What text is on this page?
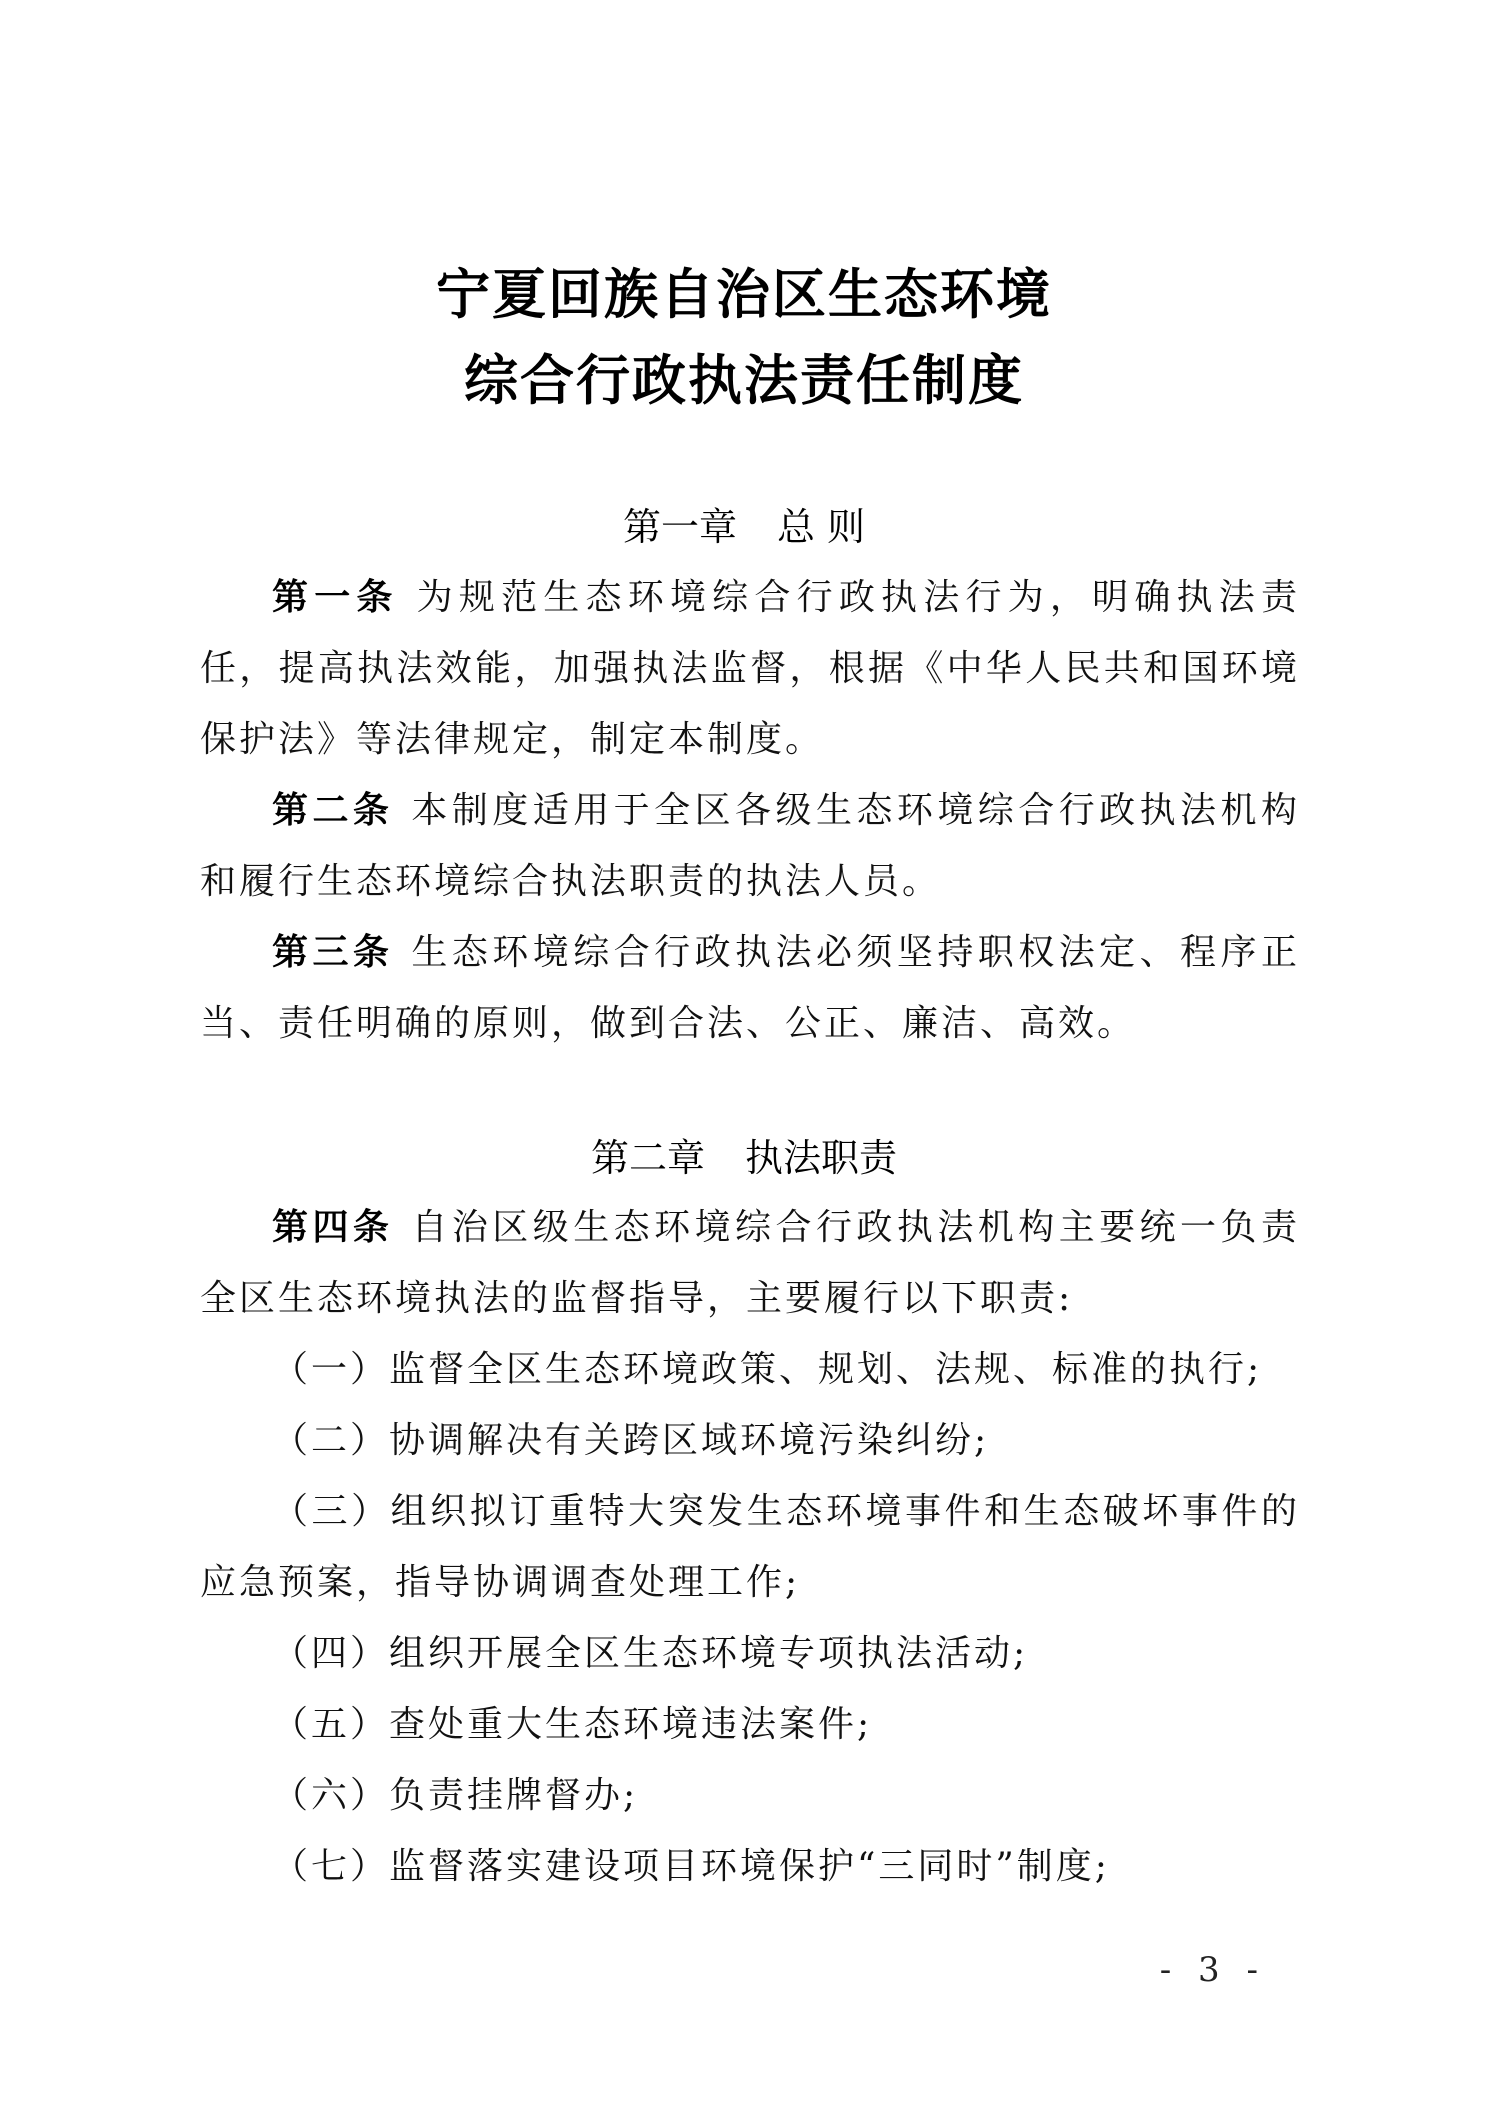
宁夏回族自治区生态环境
综合行政执法责任制度
第一章 总 则

第一条 为规范生态环境综合行政执法行为，明确执法责任，提高执法效能，加强执法监督，根据《中华人民共和国环境保护法》等法律规定，制定本制度。

第二条 本制度适用于全区各级生态环境综合行政执法机构和履行生态环境综合执法职责的执法人员。

第三条 生态环境综合行政执法必须坚持职权法定、程序正当、责任明确的原则，做到合法、公正、廉洁、高效。

第二章 执法职责

第四条 自治区级生态环境综合行政执法机构主要统一负责全区生态环境执法的监督指导，主要履行以下职责:

（一）监督全区生态环境政策、规划、法规、标准的执行;

（二）协调解决有关跨区域环境污染纠纷;

（三）组织拟订重特大突发生态环境事件和生态破坏事件的应急预案，指导协调调查处理工作;

（四）组织开展全区生态环境专项执法活动;

（五）查处重大生态环境违法案件;

（六）负责挂牌督办;

（七）监督落实建设项目环境保护“三同时”制度;

- 3 -
